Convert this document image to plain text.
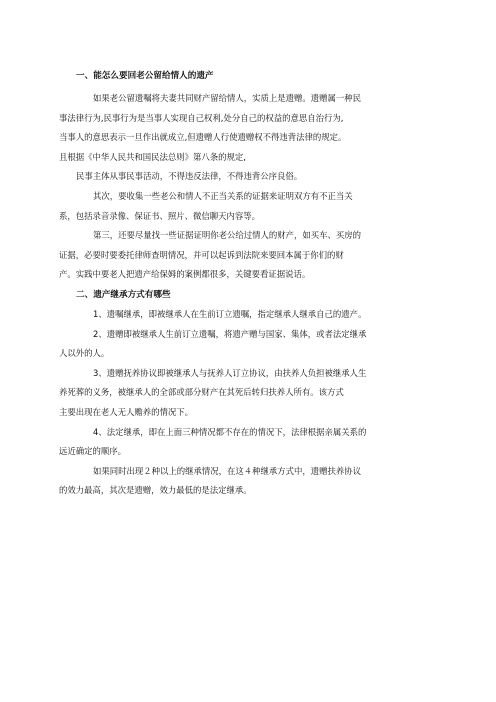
一、能怎么要回老公留给情人的遗产

如果老公留遗嘱将夫妻共同财产留给情人，实质上是遗赠。遗赠属一种民
事法律行为,民事行为是当事人实现自己权利,处分自己的权益的意思自治行为,
当事人的意思表示一旦作出就成立,但遗赠人行使遗赠权不得违背法律的规定。
且根据《中华人民共和国民法总则》第八条的规定,

民事主体从事民事活动，不得违反法律，不得违背公序良俗。

其次，要收集一些老公和情人不正当关系的证据来证明双方有不正当关
系，包括录音录像、保证书、照片、微信聊天内容等。

第三，还要尽量找一些证据证明你老公给过情人的财产，如买车、买房的
证据，必要时要委托律师查明情况，并可以起诉到法院来要回本属于你们的财
产。实践中要老人把遗产给保姆的案例都很多，关键要看证据说话。

二、遗产继承方式有哪些

1、遗嘱继承，即被继承人在生前订立遗嘱，指定继承人继承自己的遗产。

2、遗赠即被继承人生前订立遗嘱，将遗产赠与国家、集体，或者法定继承
人以外的人。

3、遗赠抚养协议即被继承人与抚养人订立协议，由扶养人负担被继承人生
养死葬的义务，被继承人的全部或部分财产在其死后转归扶养人所有。该方式
主要出现在老人无人赡养的情况下。

4、法定继承，即在上面三种情况都不存在的情况下，法律根据亲属关系的
远近确定的顺序。

如果同时出现２种以上的继承情况，在这４种继承方式中，遗赠扶养协议
的效力最高，其次是遗赠，效力最低的是法定继承。
